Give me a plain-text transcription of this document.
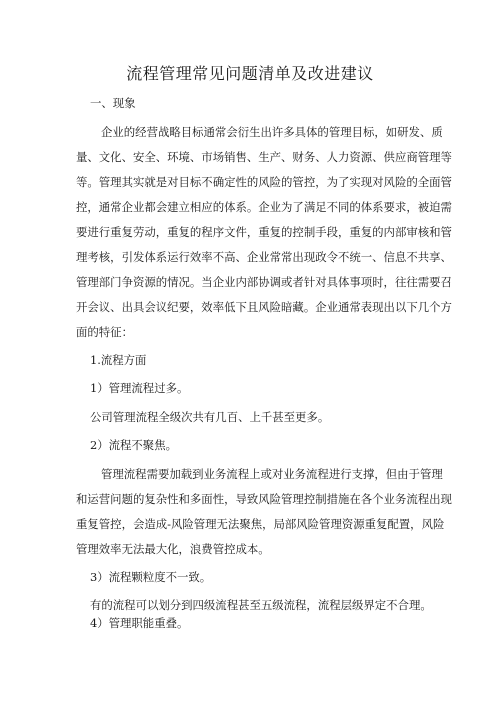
流程管理常见问题清单及改进建议
一、现象
企业的经营战略目标通常会衍生出许多具体的管理目标，如研发、质
量、文化、安全、环境、市场销售、生产、财务、人力资源、供应商管理等
等。管理其实就是对目标不确定性的风险的管控，为了实现对风险的全面管
控，通常企业都会建立相应的体系。企业为了满足不同的体系要求，被迫需
要进行重复劳动，重复的程序文件，重复的控制手段，重复的内部审核和管
理考核，引发体系运行效率不高、企业常常出现政令不统一、信息不共享、
管理部门争资源的情况。当企业内部协调或者针对具体事项时，往往需要召
开会议、出具会议纪要，效率低下且风险暗藏。企业通常表现出以下几个方
面的特征：
1.流程方面
1）管理流程过多。
公司管理流程全级次共有几百、上千甚至更多。
2）流程不聚焦。
管理流程需要加载到业务流程上或对业务流程进行支撑，但由于管理
和运营问题的复杂性和多面性，导致风险管理控制措施在各个业务流程出现
重复管控，会造成-风险管理无法聚焦，局部风险管理资源重复配置，风险
管理效率无法最大化，浪费管控成本。
3）流程颗粒度不一致。
有的流程可以划分到四级流程甚至五级流程，流程层级界定不合理。
4）管理职能重叠。
